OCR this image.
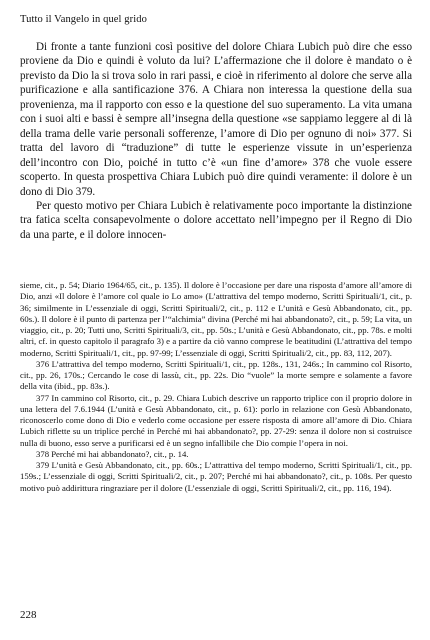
Tutto il Vangelo in quel grido

Di fronte a tante funzioni così positive del dolore Chiara Lubich può dire che esso proviene da Dio e quindi è voluto da lui? L’affermazione che il dolore è mandato o è previsto da Dio la si trova solo in rari passi, e cioè in riferimento al dolore che serve alla purificazione e alla santificazione 376. A Chiara non interessa la questione della sua provenienza, ma il rapporto con esso e la questione del suo superamento. La vita umana con i suoi alti e bassi è sempre all’insegna della questione «se sappiamo leggere al di là della trama delle varie personali sofferenze, l’amore di Dio per ognuno di noi» 377. Si tratta del lavoro di “traduzione” di tutte le esperienze vissute in un’esperienza dell’incontro con Dio, poiché in tutto c’è «un fine d’amore» 378 che vuole essere scoperto. In questa prospettiva Chiara Lubich può dire quindi veramente: il dolore è un dono di Dio 379.

Per questo motivo per Chiara Lubich è relativamente poco importante la distinzione tra fatica scelta consapevolmente o dolore accettato nell’impegno per il Regno di Dio da una parte, e il dolore innocen-

sieme, cit., p. 54; Diario 1964/65, cit., p. 135). Il dolore è l’occasione per dare una risposta d’amore all’amore di Dio, anzi «Il dolore è l’amore col quale io Lo amo» (L’attrattiva del tempo moderno, Scritti Spirituali/1, cit., p. 36; similmente in L’essenziale di oggi, Scritti Spirituali/2, cit., p. 112 e L’unità e Gesù Abbandonato, cit., pp. 60s.). Il dolore è il punto di partenza per l’“alchimia” divina (Perché mi hai abbandonato?, cit., p. 59; La vita, un viaggio, cit., p. 20; Tutti uno, Scritti Spirituali/3, cit., pp. 50s.; L’unità e Gesù Abbandonato, cit., pp. 78s. e molti altri, cf. in questo capitolo il paragrafo 3) e a partire da ciò vanno comprese le beatitudini (L’attrattiva del tempo moderno, Scritti Spirituali/1, cit., pp. 97-99; L’essenziale di oggi, Scritti Spirituali/2, cit., pp. 83, 112, 207).

376 L’attrattiva del tempo moderno, Scritti Spirituali/1, cit., pp. 128s., 131, 246s.; In cammino col Risorto, cit., pp. 26, 170s.; Cercando le cose di lassù, cit., pp. 22s. Dio “vuole” la morte sempre e solamente a favore della vita (ibid., pp. 83s.).

377 In cammino col Risorto, cit., p. 29. Chiara Lubich descrive un rapporto triplice con il proprio dolore in una lettera del 7.6.1944 (L’unità e Gesù Abbandonato, cit., p. 61): porlo in relazione con Gesù Abbandonato, riconoscerlo come dono di Dio e vederlo come occasione per essere risposta di amore all’amore di Dio. Chiara Lubich riflette su un triplice perché in Perché mi hai abbandonato?, pp. 27-29: senza il dolore non si costruisce nulla di buono, esso serve a purificarsi ed è un segno infallibile che Dio compie l’opera in noi.

378 Perché mi hai abbandonato?, cit., p. 14.

379 L’unità e Gesù Abbandonato, cit., pp. 60s.; L’attrattiva del tempo moderno, Scritti Spirituali/1, cit., pp. 159s.; L’essenziale di oggi, Scritti Spirituali/2, cit., p. 207; Perché mi hai abbandonato?, cit., p. 108s. Per questo motivo può addirittura ringraziare per il dolore (L’essenziale di oggi, Scritti Spirituali/2, cit., pp. 116, 194).

228
